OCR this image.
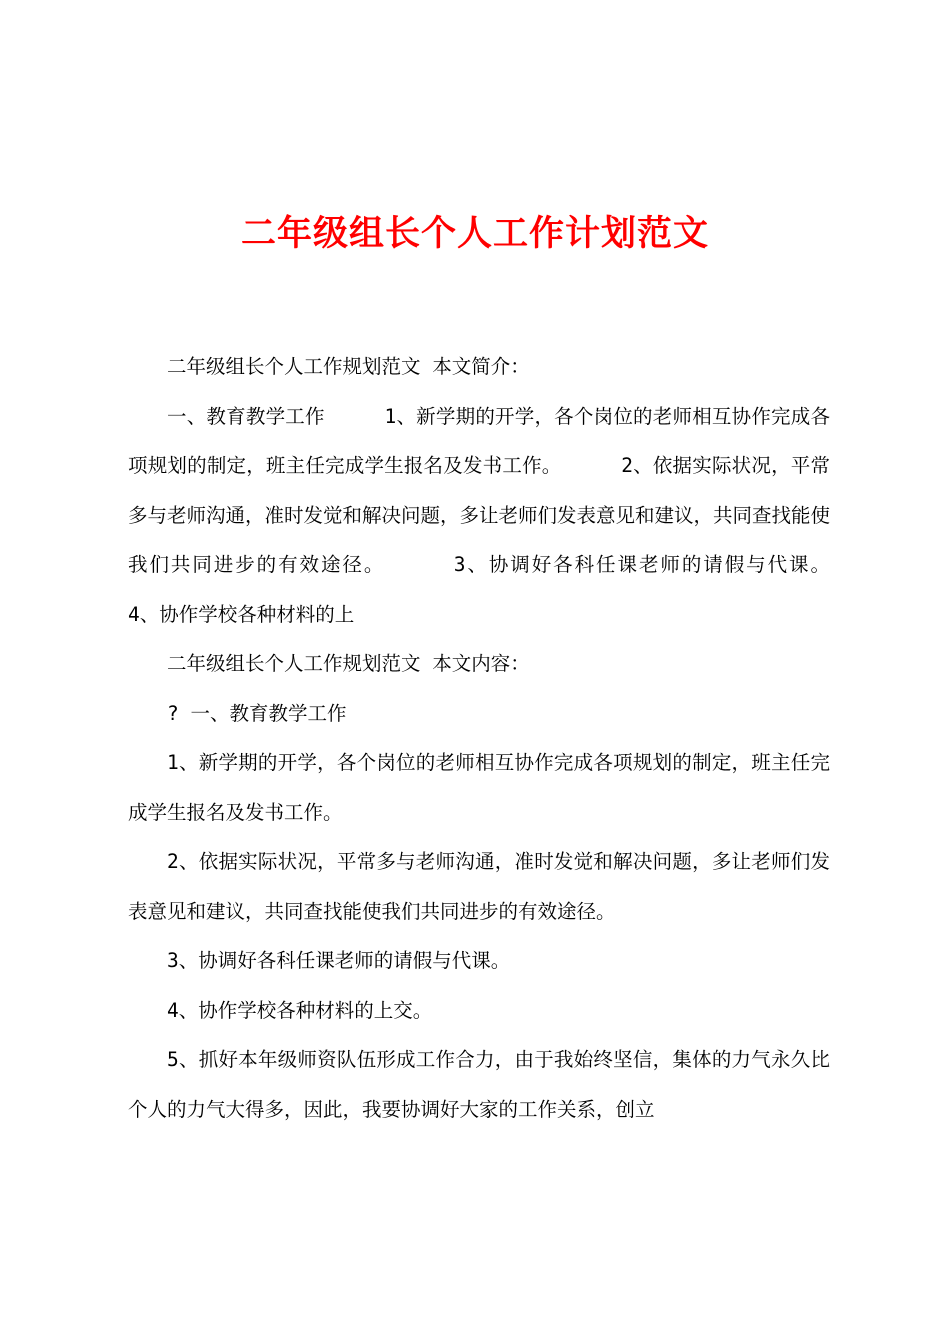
二年级组长个人工作计划范文

二年级组长个人工作规划范文 本文简介：

一、教育教学工作     1、新学期的开学，各个岗位的老师相互协作完成各项规划的制定，班主任完成学生报名及发书工作。     2、依据实际状况，平常多与老师沟通，准时发觉和解决问题，多让老师们发表意见和建议，共同查找能使我们共同进步的有效途径。     3、协调好各科任课老师的请假与代课。     4、协作学校各种材料的上

二年级组长个人工作规划范文 本文内容：

? 一、教育教学工作

1、新学期的开学，各个岗位的老师相互协作完成各项规划的制定，班主任完成学生报名及发书工作。

2、依据实际状况，平常多与老师沟通，准时发觉和解决问题，多让老师们发表意见和建议，共同查找能使我们共同进步的有效途径。

3、协调好各科任课老师的请假与代课。

4、协作学校各种材料的上交。

5、抓好本年级师资队伍形成工作合力，由于我始终坚信，集体的力气永久比个人的力气大得多，因此，我要协调好大家的工作关系，创立
